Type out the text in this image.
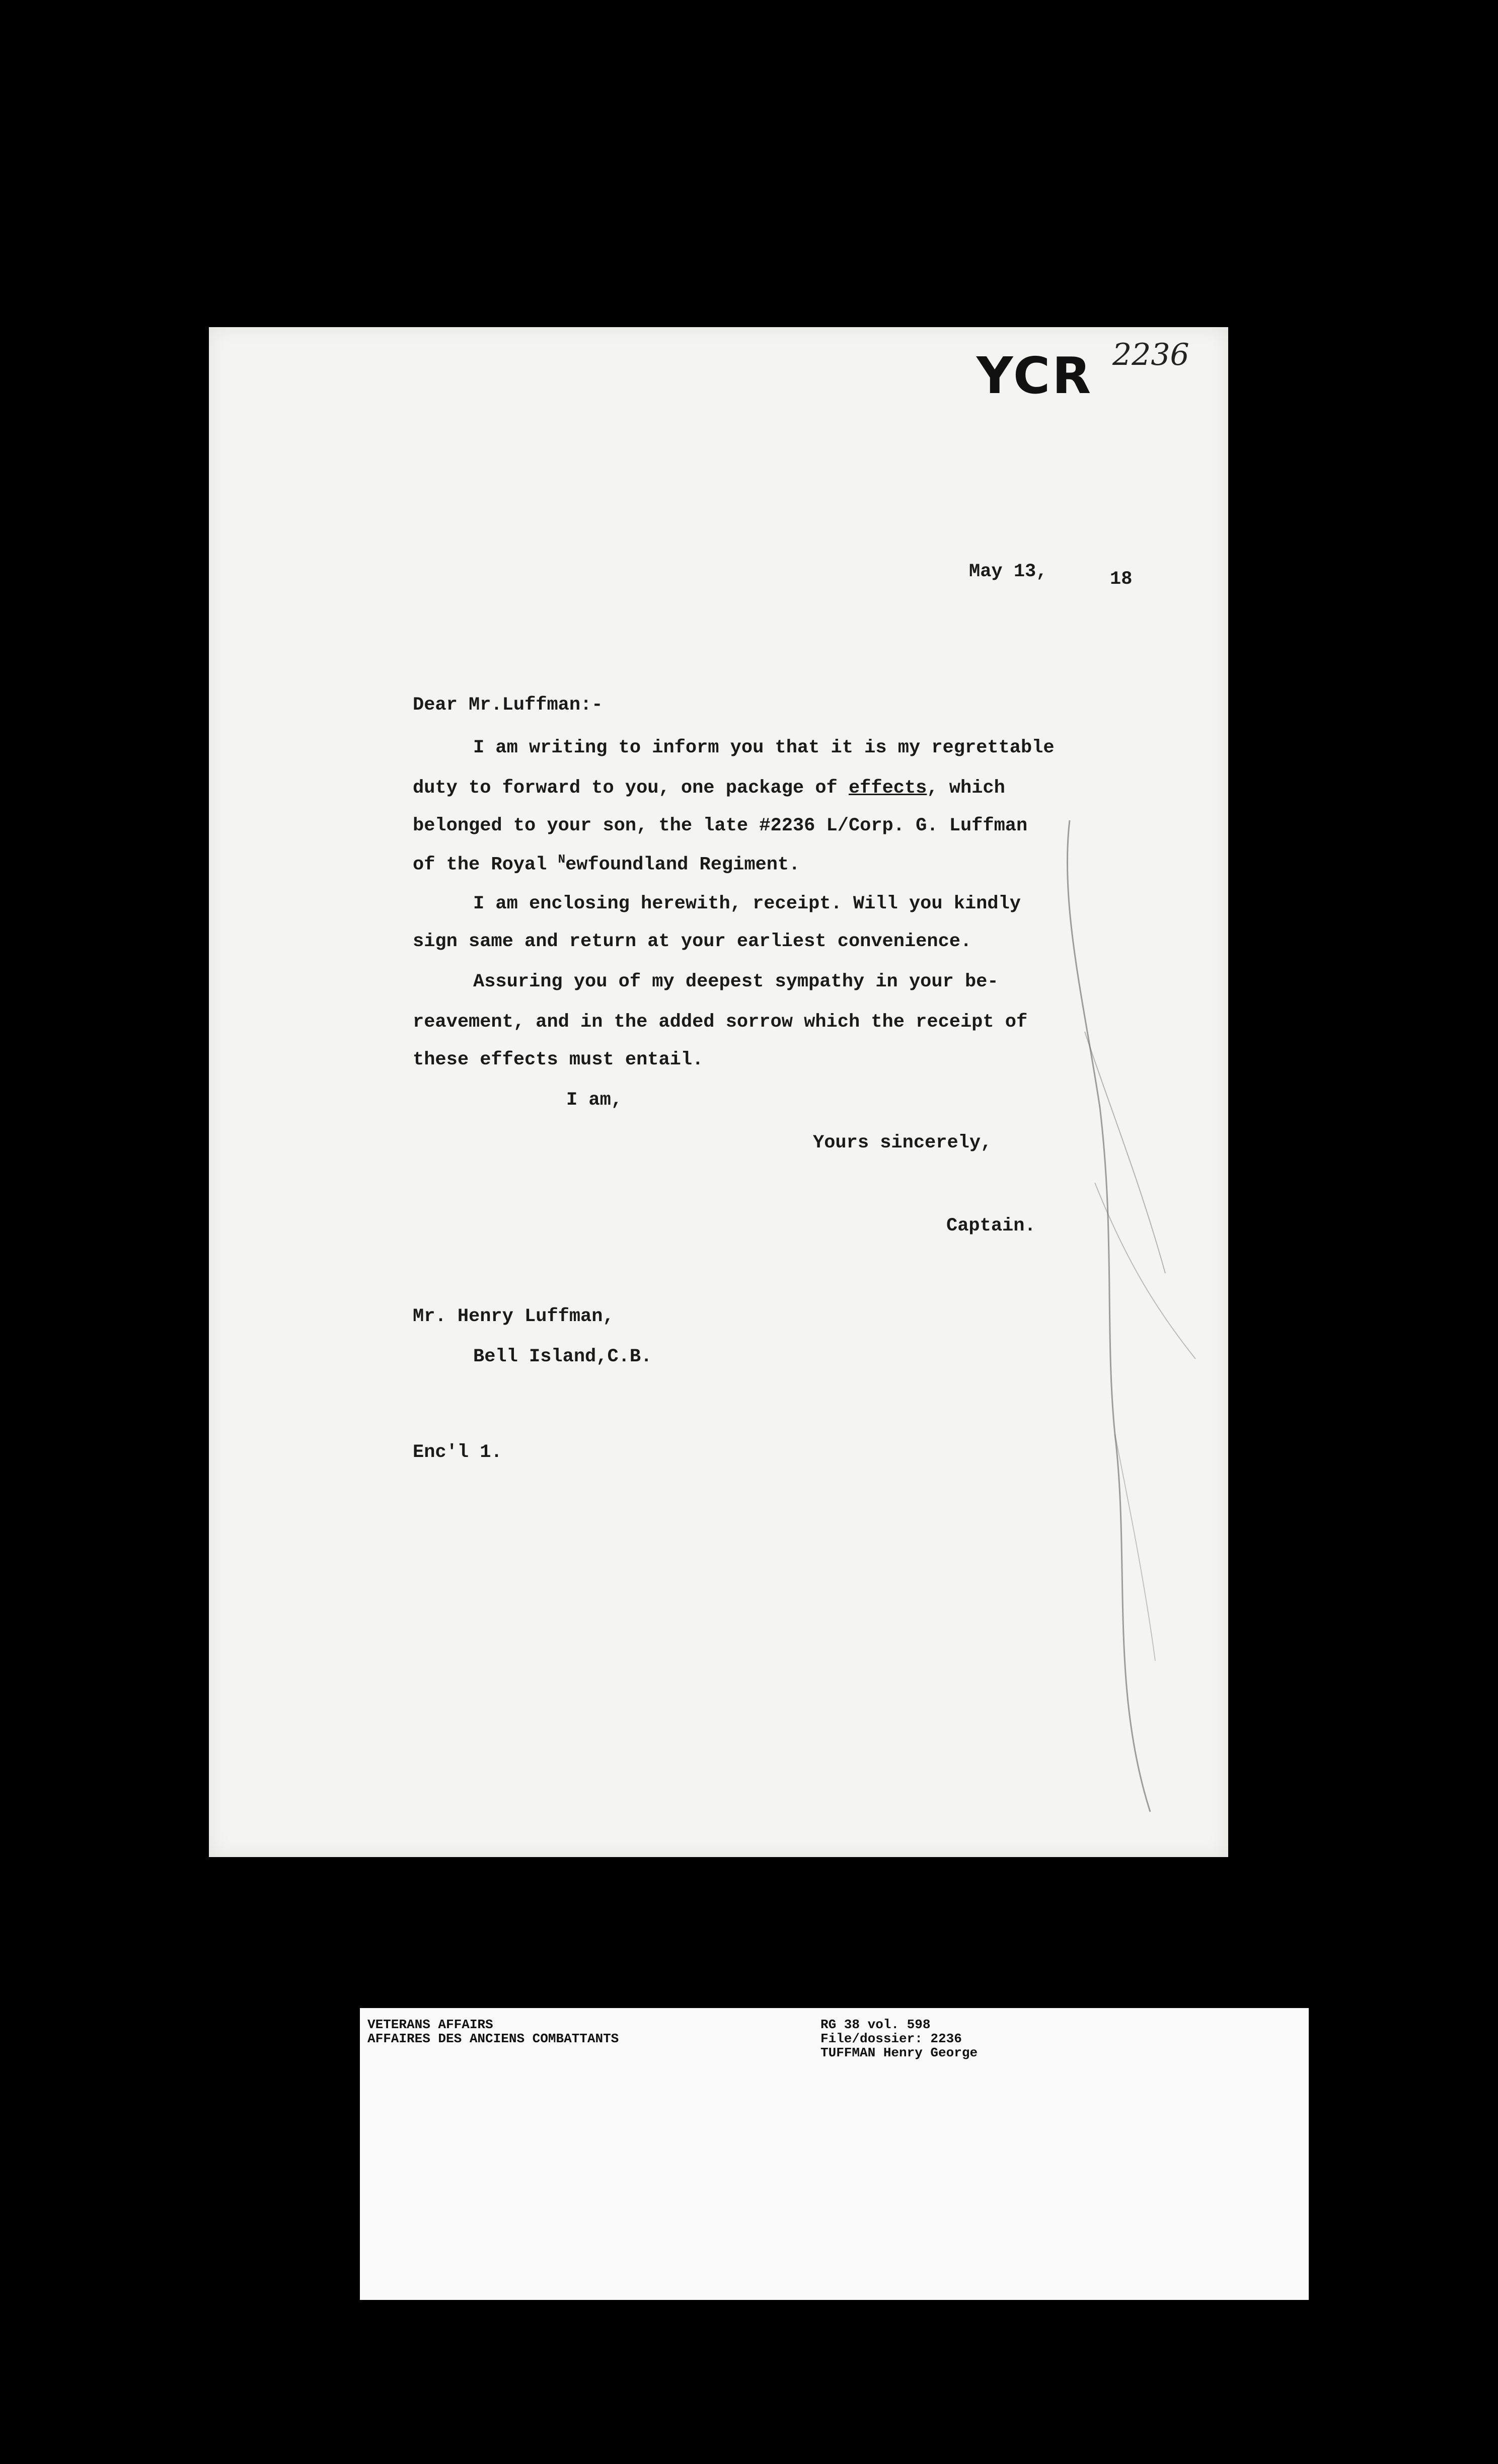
YCR 2236
May 13,	18
Dear Mr.Luffman:-
I am writing to inform you that it is my regrettable
duty to forward to you, one package of effects, which
belonged to your son, the late #2236 L/Corp. G. Luffman
of the Royal $^N$ewfoundland Regiment.
I am enclosing herewith, receipt. Will you kindly
sign same and return at your earliest convenience.
Assuring you of my deepest sympathy in your be-
reavement, and in the added sorrow which the receipt of
these effects must entail.
I am,
Yours sincerely,
Captain.
Mr. Henry Luffman,
Bell Island,C.B.
Enc'l 1.
VETERANS AFFAIRS
AFFAIRES DES ANCIENS COMBATTANTS
RG 38 vol. 598
File/dossier: 2236
TUFFMAN Henry George
